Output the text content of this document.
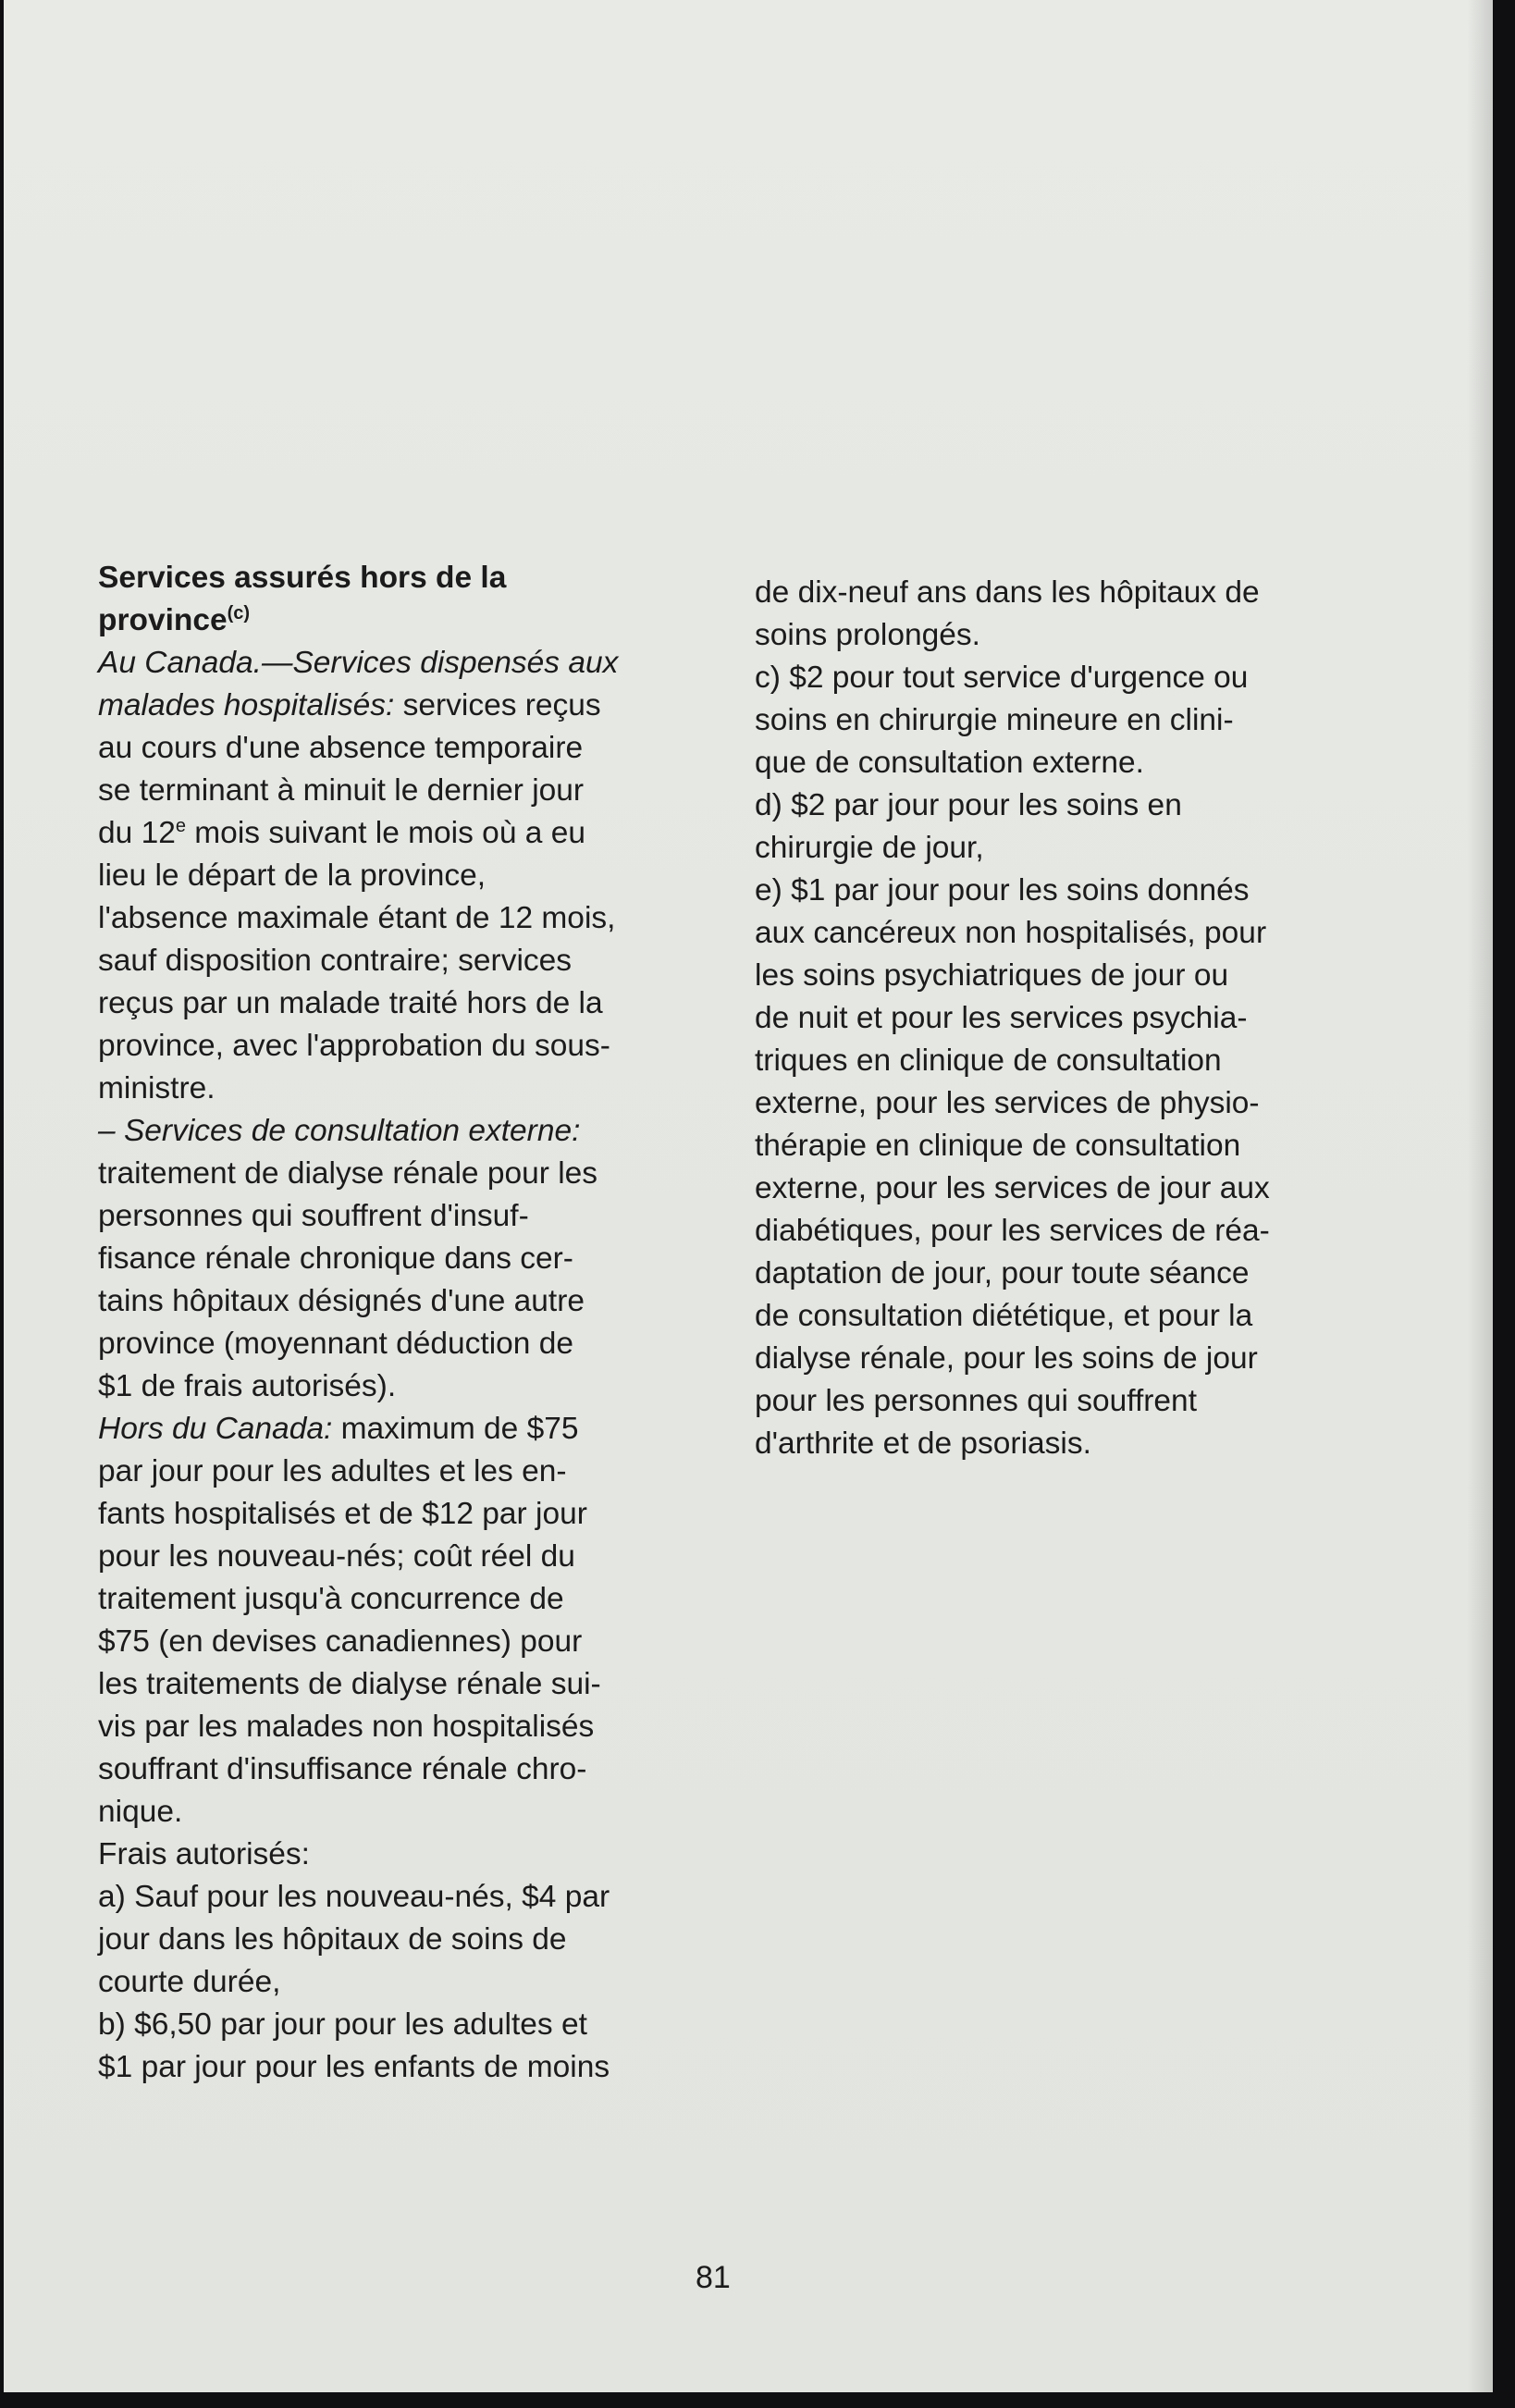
Services assurés hors de la
province$^{(c)}$
Au Canada.—Services dispensés aux
malades hospitalisés: services reçus
au cours d'une absence temporaire
se terminant à minuit le dernier jour
du 12e mois suivant le mois où a eu
lieu le départ de la province,
l'absence maximale étant de 12 mois,
sauf disposition contraire; services
reçus par un malade traité hors de la
province, avec l'approbation du sous-
ministre.
– Services de consultation externe:
traitement de dialyse rénale pour les
personnes qui souffrent d'insuf-
fisance rénale chronique dans cer-
tains hôpitaux désignés d'une autre
province (moyennant déduction de
$1 de frais autorisés).
Hors du Canada: maximum de $75
par jour pour les adultes et les en-
fants hospitalisés et de $12 par jour
pour les nouveau-nés; coût réel du
traitement jusqu'à concurrence de
$75 (en devises canadiennes) pour
les traitements de dialyse rénale sui-
vis par les malades non hospitalisés
souffrant d'insuffisance rénale chro-
nique.
Frais autorisés:
a) Sauf pour les nouveau-nés, $4 par
jour dans les hôpitaux de soins de
courte durée,
b) $6,50 par jour pour les adultes et
$1 par jour pour les enfants de moins
de dix-neuf ans dans les hôpitaux de
soins prolongés.
c) $2 pour tout service d'urgence ou
soins en chirurgie mineure en clini-
que de consultation externe.
d) $2 par jour pour les soins en
chirurgie de jour,
e) $1 par jour pour les soins donnés
aux cancéreux non hospitalisés, pour
les soins psychiatriques de jour ou
de nuit et pour les services psychia-
triques en clinique de consultation
externe, pour les services de physio-
thérapie en clinique de consultation
externe, pour les services de jour aux
diabétiques, pour les services de réa-
daptation de jour, pour toute séance
de consultation diététique, et pour la
dialyse rénale, pour les soins de jour
pour les personnes qui souffrent
d'arthrite et de psoriasis.
81
